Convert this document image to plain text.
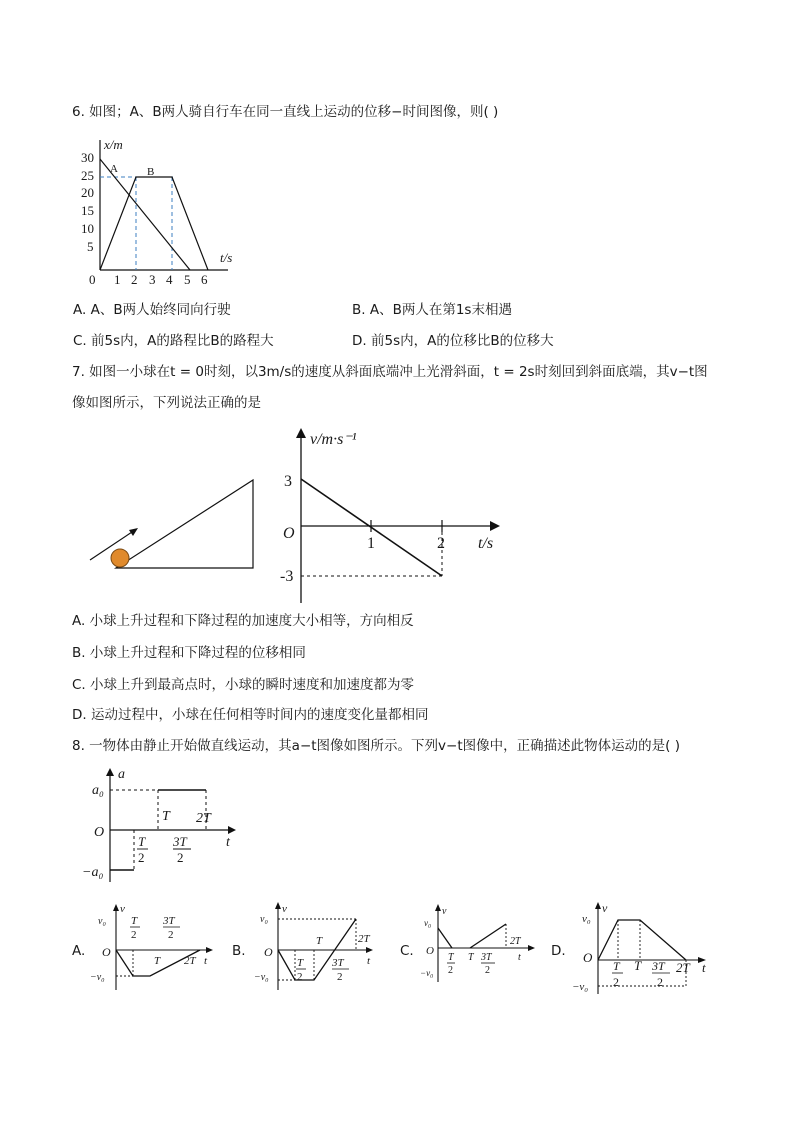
6. 如图；A、B两人骑自行车在同一直线上运动的位移−时间图像，则( )
x/m
t/s
0
30
25
20
15
10
5
1 2 3 4 5 6
A	B
A. A、B两人始终同向行驶	B. A、B两人在第1s末相遇
C. 前5s内，A的路程比B的路程大	D. 前5s内，A的位移比B的位移大
7. 如图一小球在t = 0时刻，以3m/s的速度从斜面底端冲上光滑斜面，t = 2s时刻回到斜面底端，其v−t图
像如图所示，下列说法正确的是
v/m·s⁻¹
t/s
O
3
-3
1	2
A. 小球上升过程和下降过程的加速度大小相等，方向相反
B. 小球上升过程和下降过程的位移相同
C. 小球上升到最高点时，小球的瞬时速度和加速度都为零
D. 运动过程中，小球在任何相等时间内的速度变化量都相同
8. 一物体由静止开始做直线运动，其a−t图像如图所示。下列v−t图像中，正确描述此物体运动的是( )
a
t
O
a₀
−a₀
T 2T
T
2
3T
2
A.
v
v₀
−v₀
O
t
T
2
3T
2
T 2T
B.
v
v₀
−v₀
O
t
T	2T
T
2
3T
2
C.
v
v₀
−v₀
O
t
T
2T
T
2
3T
2
D.
v
v₀
−v₀
O
t
T	2T
T
2
3T
2
